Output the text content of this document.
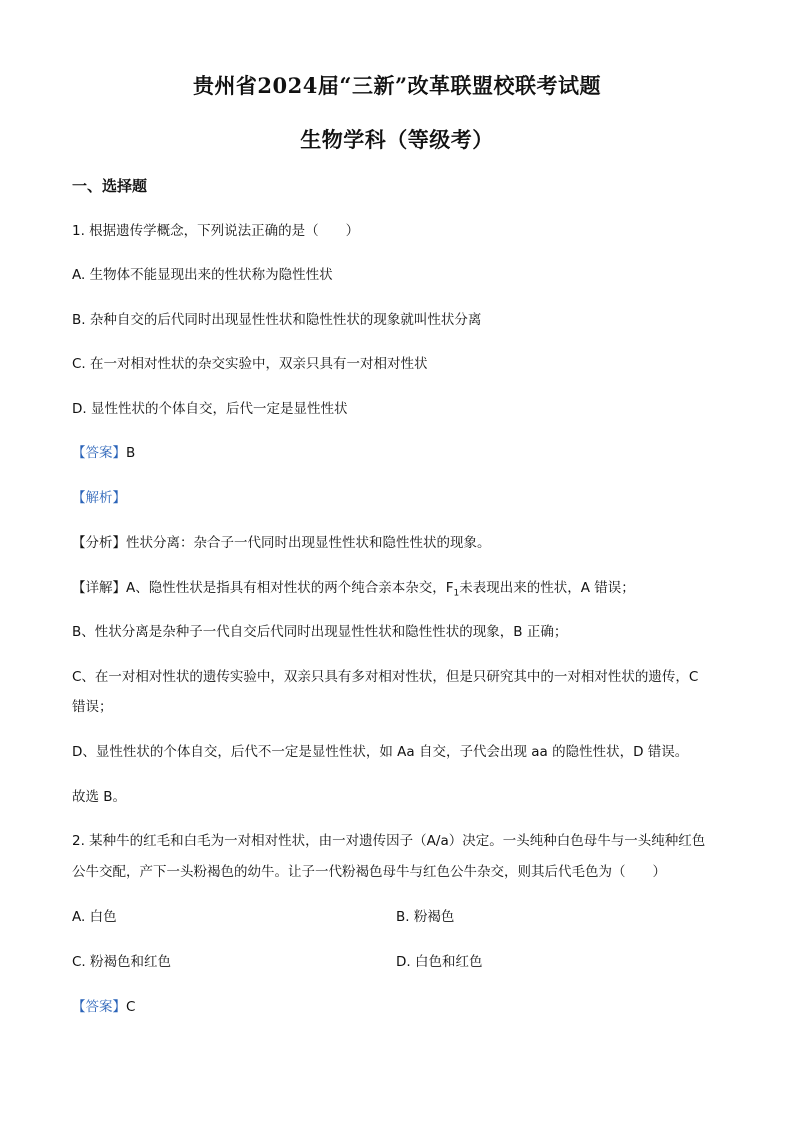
贵州省2024届“三新”改革联盟校联考试题
生物学科（等级考）
一、选择题
1. 根据遗传学概念，下列说法正确的是（　　）
A. 生物体不能显现出来的性状称为隐性性状
B. 杂种自交的后代同时出现显性性状和隐性性状的现象就叫性状分离
C. 在一对相对性状的杂交实验中，双亲只具有一对相对性状
D. 显性性状的个体自交，后代一定是显性性状
【答案】B
【解析】
【分析】性状分离：杂合子一代同时出现显性性状和隐性性状的现象。
【详解】A、隐性性状是指具有相对性状的两个纯合亲本杂交，$F_1$未表现出来的性状，A 错误；
B、性状分离是杂种子一代自交后代同时出现显性性状和隐性性状的现象，B 正确；
C、在一对相对性状的遗传实验中，双亲只具有多对相对性状，但是只研究其中的一对相对性状的遗传，C
错误；
D、显性性状的个体自交，后代不一定是显性性状，如 Aa 自交，子代会出现 aa 的隐性性状，D 错误。
故选 B。
2. 某种牛的红毛和白毛为一对相对性状，由一对遗传因子（A/a）决定。一头纯种白色母牛与一头纯种红色
公牛交配，产下一头粉褐色的幼牛。让子一代粉褐色母牛与红色公牛杂交，则其后代毛色为（　　）
A. 白色	B. 粉褐色
C. 粉褐色和红色	D. 白色和红色
【答案】C
